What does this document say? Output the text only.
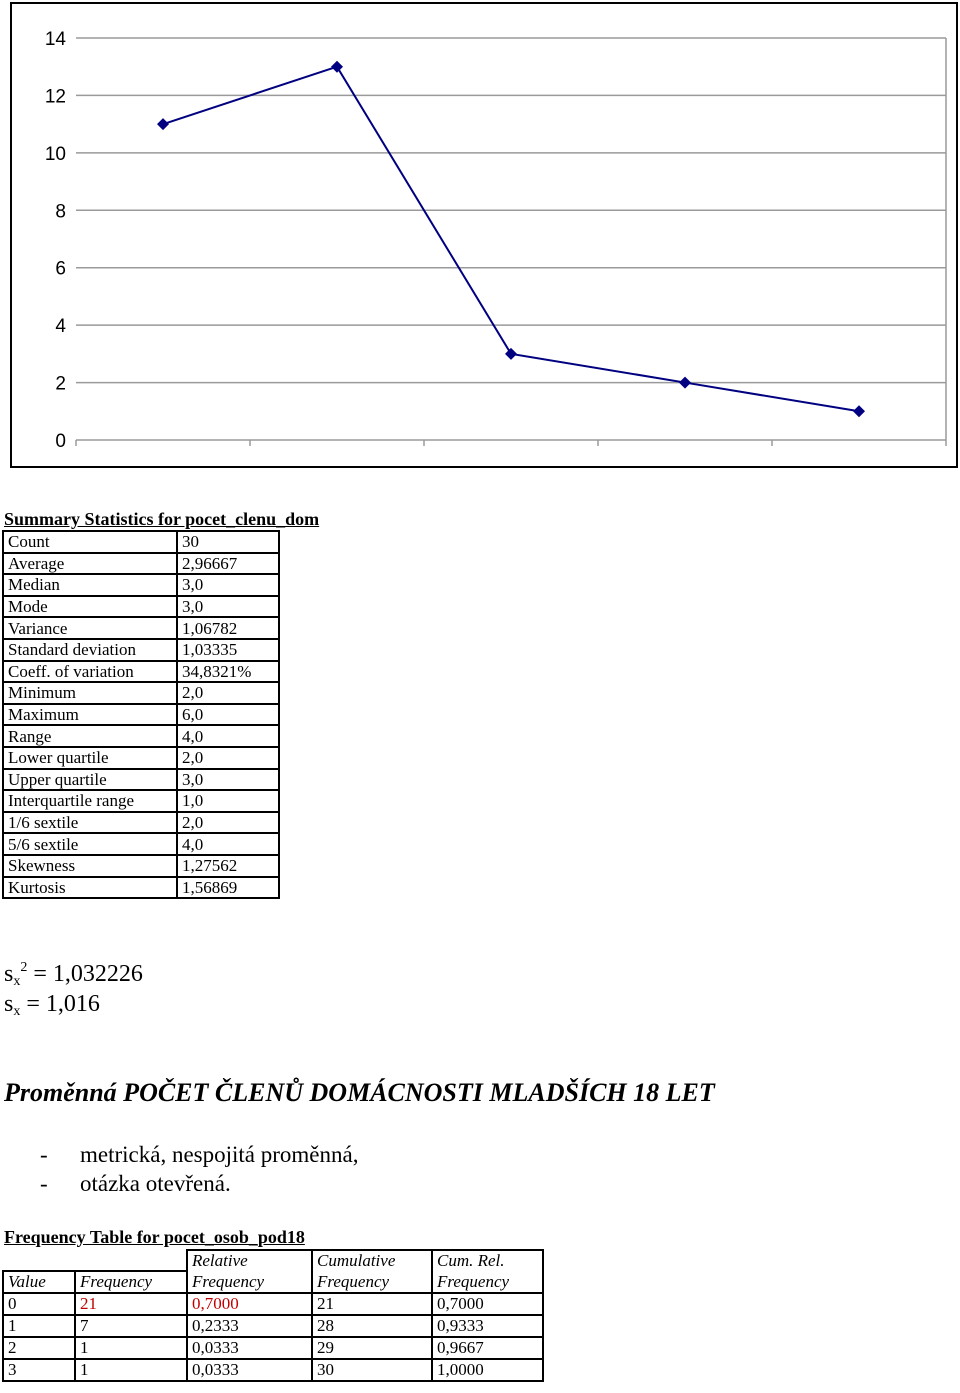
14
12
10
8
6
4
2
0
Summary Statistics for pocet_clenu_dom
Count	30
Average	2,96667
Median	3,0
Mode	3,0
Variance	1,06782
Standard deviation	1,03335
Coeff. of variation	34,8321%
Minimum	2,0
Maximum	6,0
Range	4,0
Lower quartile	2,0
Upper quartile	3,0
Interquartile range	1,0
1/6 sextile	2,0
5/6 sextile	4,0
Skewness	1,27562
Kurtosis	1,56869
$s_x^2 = 1,032226$
$s_x = 1,016$
Proměnná POČET ČLENŮ DOMÁCNOSTI MLADŠÍCH 18 LET
- metrická, nespojitá proměnná,
- otázka otevřená.
Frequency Table for pocet_osob_pod18
		Relative	Cumulative	Cum. Rel.
Value	Frequency	Frequency	Frequency	Frequency
0	21	0,7000	21	0,7000
1	7	0,2333	28	0,9333
2	1	0,0333	29	0,9667
3	1	0,0333	30	1,0000
